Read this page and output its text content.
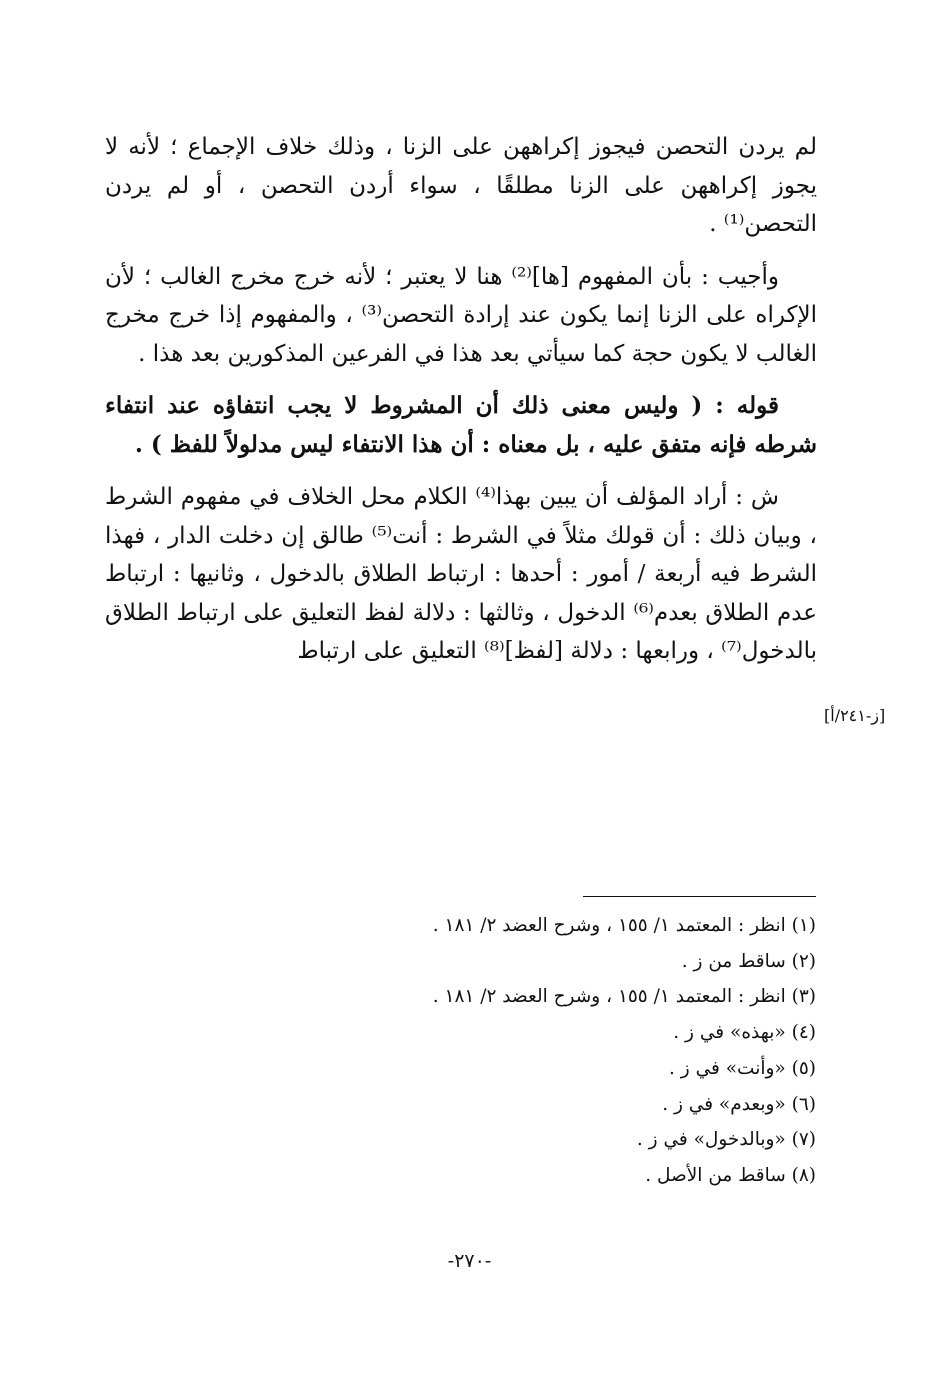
لم يردن التحصن فيجوز إكراههن على الزنا ، وذلك خلاف الإجماع ؛ لأنه لا يجوز إكراههن على الزنا مطلقًا ، سواء أردن التحصن ، أو لم يردن التحصن⁽¹⁾ .

وأجيب : بأن المفهوم [ها]⁽²⁾ هنا لا يعتبر ؛ لأنه خرج مخرج الغالب ؛ لأن الإكراه على الزنا إنما يكون عند إرادة التحصن⁽³⁾ ، والمفهوم إذا خرج مخرج الغالب لا يكون حجة كما سيأتي بعد هذا في الفرعين المذكورين بعد هذا .

قوله : ( وليس معنى ذلك أن المشروط لا يجب انتفاؤه عند انتفاء شرطه فإنه متفق عليه ، بل معناه : أن هذا الانتفاء ليس مدلولاً للفظ ) .

ش : أراد المؤلف أن يبين بهذا⁽⁴⁾ الكلام محل الخلاف في مفهوم الشرط ، وبيان ذلك : أن قولك مثلاً في الشرط : أنت⁽⁵⁾ طالق إن دخلت الدار ، فهذا الشرط فيه أربعة / أمور : أحدها : ارتباط الطلاق بالدخول ، وثانيها : ارتباط عدم الطلاق بعدم⁽⁶⁾ الدخول ، وثالثها : دلالة لفظ التعليق على ارتباط الطلاق بالدخول⁽⁷⁾ ، ورابعها : دلالة [لفظ]⁽⁸⁾ التعليق على ارتباط

[ز-٢٤١/أ]
(١) انظر : المعتمد ١/ ١٥٥ ، وشرح العضد ٢/ ١٨١ .
(٢) ساقط من ز .
(٣) انظر : المعتمد ١/ ١٥٥ ، وشرح العضد ٢/ ١٨١ .
(٤) «بهذه» في ز .
(٥) «وأنت» في ز .
(٦) «وبعدم» في ز .
(٧) «وبالدخول» في ز .
(٨) ساقط من الأصل .
-٢٧٠-
